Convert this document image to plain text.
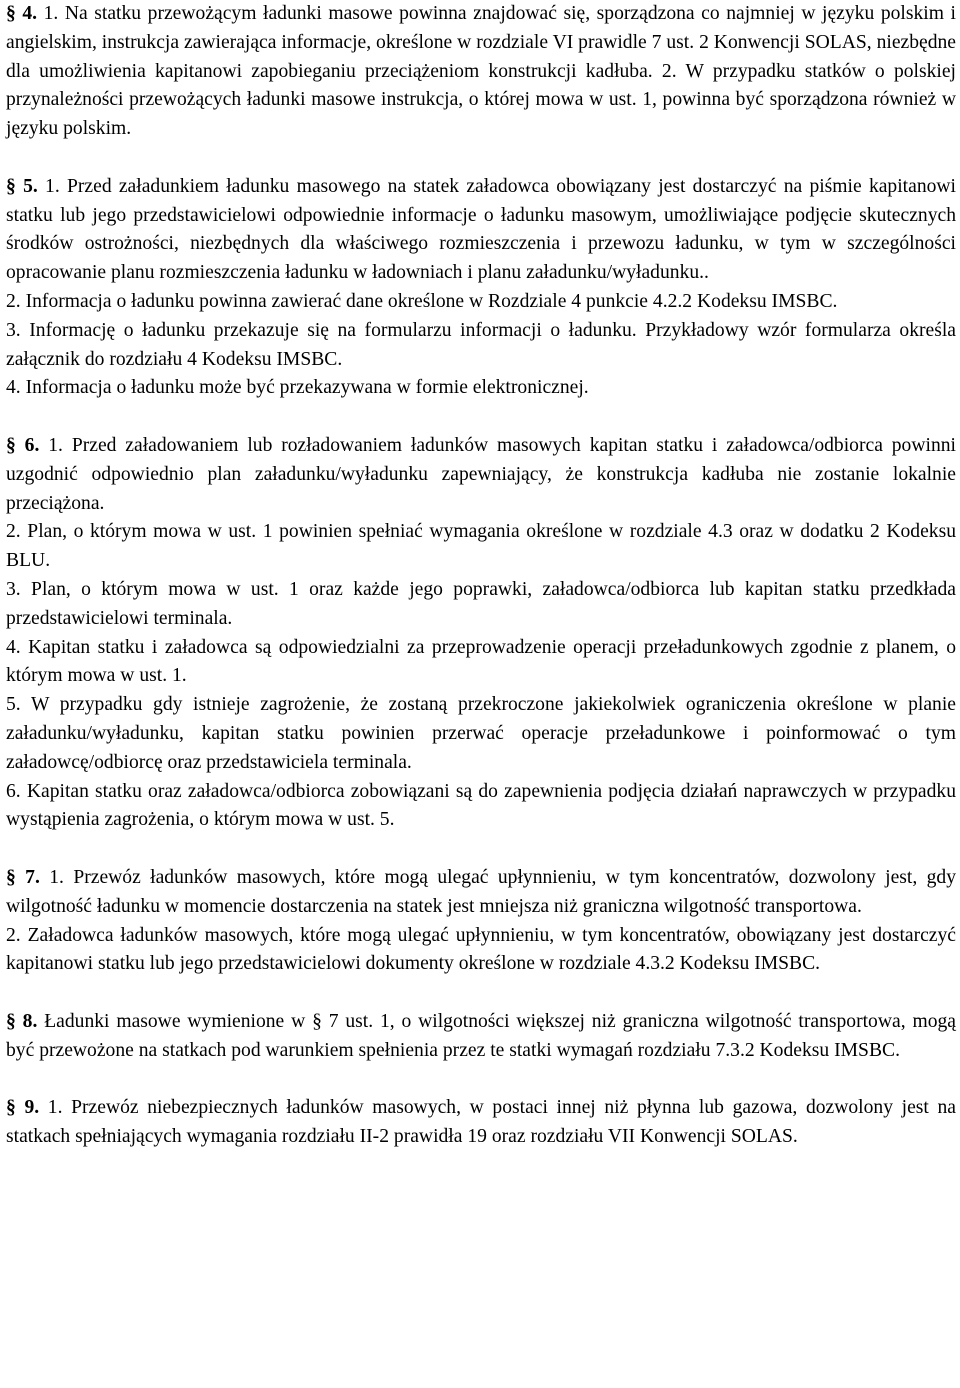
§ 4. 1. Na statku przewożącym ładunki masowe powinna znajdować się, sporządzona co najmniej w języku polskim i angielskim, instrukcja zawierająca informacje, określone w rozdziale VI prawidle 7 ust. 2 Konwencji SOLAS, niezbędne dla umożliwienia kapitanowi zapobieganiu przeciążeniom konstrukcji kadłuba. 2. W przypadku statków o polskiej przynależności przewożących ładunki masowe instrukcja, o której mowa w ust. 1, powinna być sporządzona również w języku polskim.

§ 5. 1. Przed załadunkiem ładunku masowego na statek załadowca obowiązany jest dostarczyć na piśmie kapitanowi statku lub jego przedstawicielowi odpowiednie informacje o ładunku masowym, umożliwiające podjęcie skutecznych środków ostrożności, niezbędnych dla właściwego rozmieszczenia i przewozu ładunku, w tym w szczególności opracowanie planu rozmieszczenia ładunku w ładowniach i planu załadunku/wyładunku..

2. Informacja o ładunku powinna zawierać dane określone w Rozdziale 4 punkcie 4.2.2 Kodeksu IMSBC.

3. Informację o ładunku przekazuje się na formularzu informacji o ładunku. Przykładowy wzór formularza określa załącznik do rozdziału 4 Kodeksu IMSBC.

4. Informacja o ładunku może być przekazywana w formie elektronicznej.

§ 6. 1. Przed załadowaniem lub rozładowaniem ładunków masowych kapitan statku i załadowca/odbiorca powinni uzgodnić odpowiednio plan załadunku/wyładunku zapewniający, że konstrukcja kadłuba nie zostanie lokalnie przeciążona.

2. Plan, o którym mowa w ust. 1 powinien spełniać wymagania określone w rozdziale 4.3 oraz w dodatku 2 Kodeksu BLU.

3. Plan, o którym mowa w ust. 1 oraz każde jego poprawki, załadowca/odbiorca lub kapitan statku przedkłada przedstawicielowi terminala.

4. Kapitan statku i załadowca są odpowiedzialni za przeprowadzenie operacji przeładunkowych zgodnie z planem, o którym mowa w ust. 1.

5. W przypadku gdy istnieje zagrożenie, że zostaną przekroczone jakiekolwiek ograniczenia określone w planie załadunku/wyładunku, kapitan statku powinien przerwać operacje przeładunkowe i poinformować o tym załadowcę/odbiorcę oraz przedstawiciela terminala.

6. Kapitan statku oraz załadowca/odbiorca zobowiązani są do zapewnienia podjęcia działań naprawczych w przypadku wystąpienia zagrożenia, o którym mowa w ust. 5.

§ 7. 1. Przewóz ładunków masowych, które mogą ulegać upłynnieniu, w tym koncentratów, dozwolony jest, gdy wilgotność ładunku w momencie dostarczenia na statek jest mniejsza niż graniczna wilgotność transportowa.

2. Załadowca ładunków masowych, które mogą ulegać upłynnieniu, w tym koncentratów, obowiązany jest dostarczyć kapitanowi statku lub jego przedstawicielowi dokumenty określone w rozdziale 4.3.2 Kodeksu IMSBC.

§ 8. Ładunki masowe wymienione w § 7 ust. 1, o wilgotności większej niż graniczna wilgotność transportowa, mogą być przewożone na statkach pod warunkiem spełnienia przez te statki wymagań rozdziału 7.3.2 Kodeksu IMSBC.

§ 9. 1. Przewóz niebezpiecznych ładunków masowych, w postaci innej niż płynna lub gazowa, dozwolony jest na statkach spełniających wymagania rozdziału II-2 prawidła 19 oraz rozdziału VII Konwencji SOLAS.
